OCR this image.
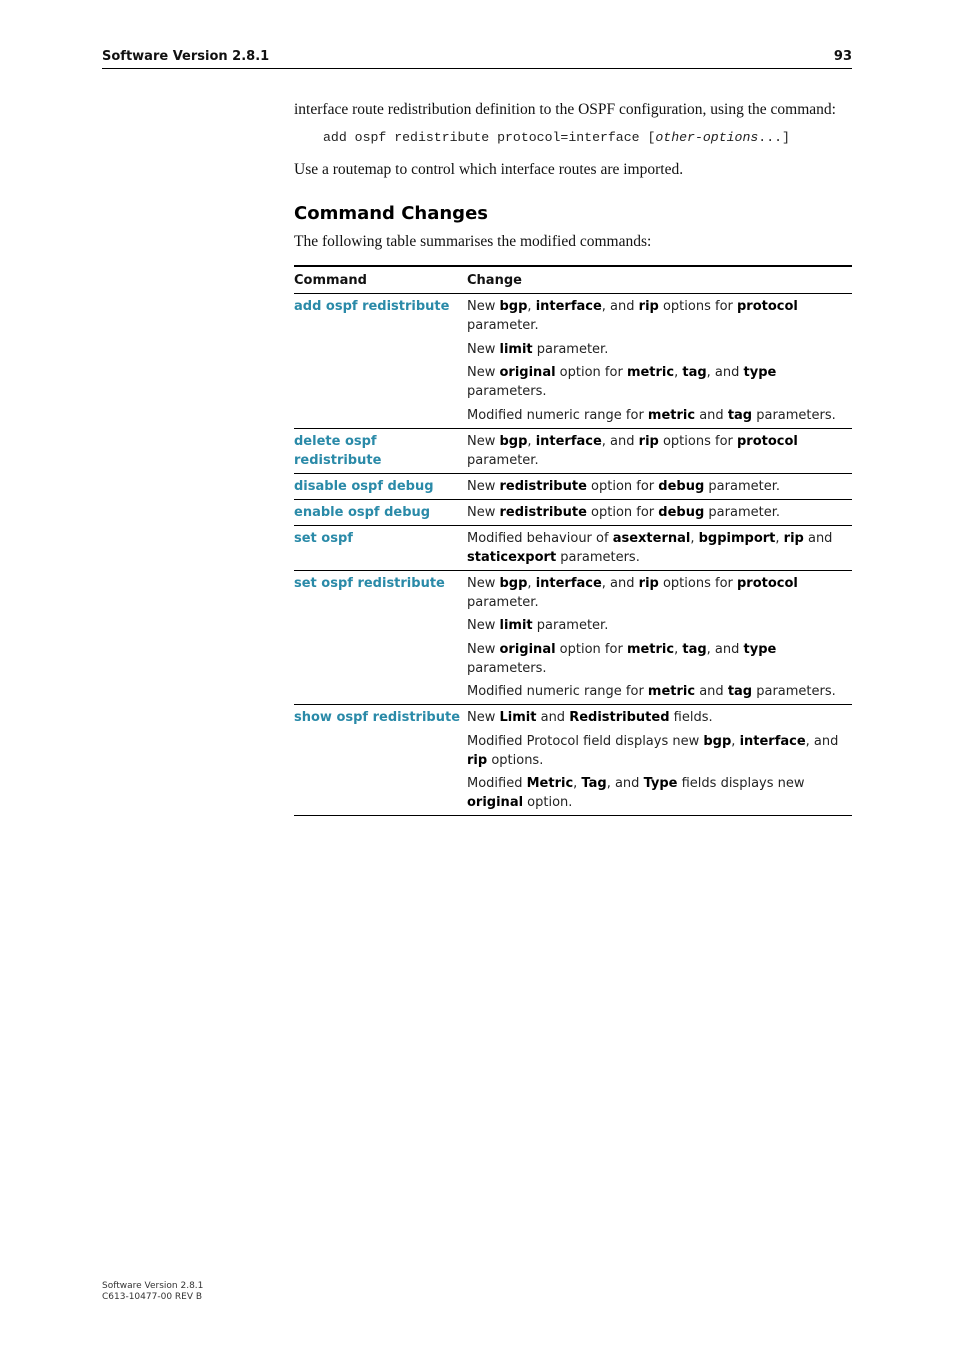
Software Version 2.8.1	93

interface route redistribution definition to the OSPF configuration, using the command:

add ospf redistribute protocol=interface [other-options...]

Use a routemap to control which interface routes are imported.

Command Changes

The following table summarises the modified commands:

Command	Change
add ospf redistribute	New bgp, interface, and rip options for protocol parameter.

New limit parameter.

New original option for metric, tag, and type parameters.

Modified numeric range for metric and tag parameters.

delete ospf redistribute	New bgp, interface, and rip options for protocol parameter.

disable ospf debug	New redistribute option for debug parameter.

enable ospf debug	New redistribute option for debug parameter.

set ospf	Modified behaviour of asexternal, bgpimport, rip and staticexport parameters.

set ospf redistribute	New bgp, interface, and rip options for protocol parameter.

New limit parameter.

New original option for metric, tag, and type parameters.

Modified numeric range for metric and tag parameters.

show ospf redistribute	New Limit and Redistributed fields.

Modified Protocol field displays new bgp, interface, and rip options.

Modified Metric, Tag, and Type fields displays new original option.

Software Version 2.8.1
C613-10477-00 REV B
